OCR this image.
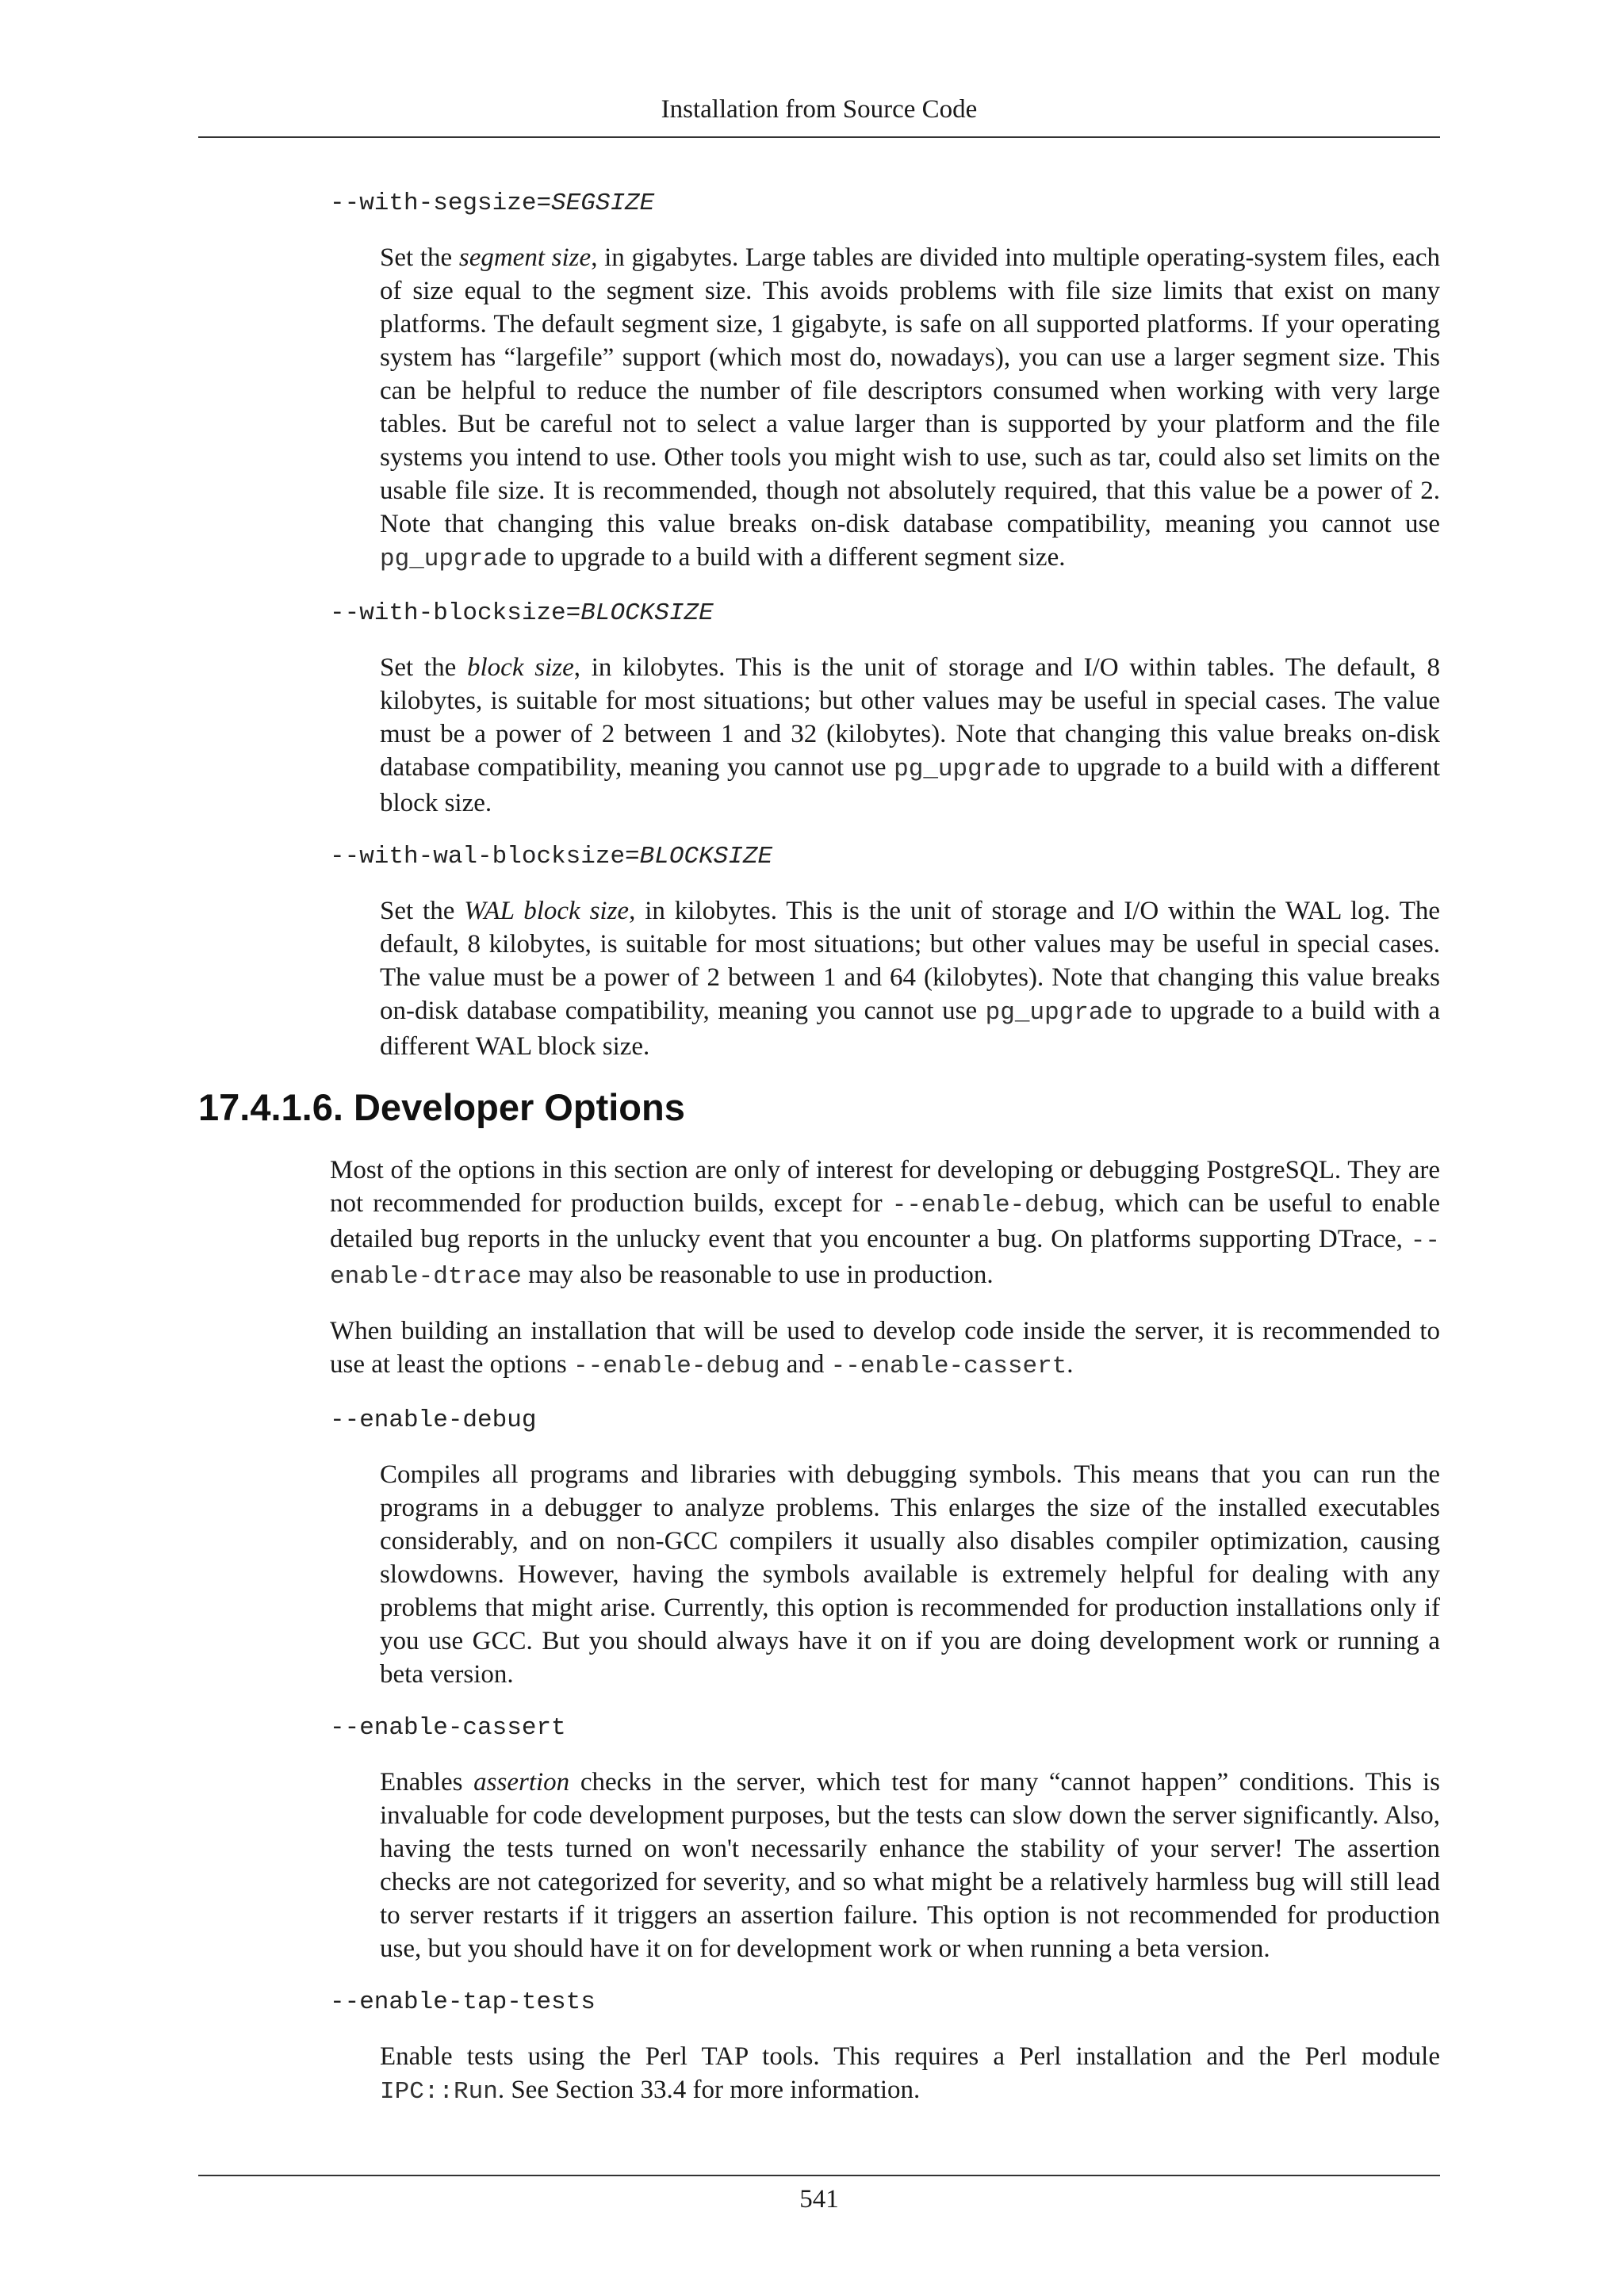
Installation from Source Code
--with-segsize=SEGSIZE
Set the segment size, in gigabytes. Large tables are divided into multiple operating-system files, each of size equal to the segment size. This avoids problems with file size limits that exist on many platforms. The default segment size, 1 gigabyte, is safe on all supported platforms. If your operating system has “largefile” support (which most do, nowadays), you can use a larger segment size. This can be helpful to reduce the number of file descriptors consumed when working with very large tables. But be careful not to select a value larger than is supported by your platform and the file systems you intend to use. Other tools you might wish to use, such as tar, could also set limits on the usable file size. It is recommended, though not absolutely required, that this value be a power of 2. Note that changing this value breaks on-disk database compatibility, meaning you cannot use pg_upgrade to upgrade to a build with a different segment size.
--with-blocksize=BLOCKSIZE
Set the block size, in kilobytes. This is the unit of storage and I/O within tables. The default, 8 kilobytes, is suitable for most situations; but other values may be useful in special cases. The value must be a power of 2 between 1 and 32 (kilobytes). Note that changing this value breaks on-disk database compatibility, meaning you cannot use pg_upgrade to upgrade to a build with a different block size.
--with-wal-blocksize=BLOCKSIZE
Set the WAL block size, in kilobytes. This is the unit of storage and I/O within the WAL log. The default, 8 kilobytes, is suitable for most situations; but other values may be useful in special cases. The value must be a power of 2 between 1 and 64 (kilobytes). Note that changing this value breaks on-disk database compatibility, meaning you cannot use pg_upgrade to upgrade to a build with a different WAL block size.
17.4.1.6. Developer Options
Most of the options in this section are only of interest for developing or debugging PostgreSQL. They are not recommended for production builds, except for --enable-debug, which can be useful to enable detailed bug reports in the unlucky event that you encounter a bug. On platforms supporting DTrace, --enable-dtrace may also be reasonable to use in production.
When building an installation that will be used to develop code inside the server, it is recommended to use at least the options --enable-debug and --enable-cassert.
--enable-debug
Compiles all programs and libraries with debugging symbols. This means that you can run the programs in a debugger to analyze problems. This enlarges the size of the installed executables considerably, and on non-GCC compilers it usually also disables compiler optimization, causing slowdowns. However, having the symbols available is extremely helpful for dealing with any problems that might arise. Currently, this option is recommended for production installations only if you use GCC. But you should always have it on if you are doing development work or running a beta version.
--enable-cassert
Enables assertion checks in the server, which test for many “cannot happen” conditions. This is invaluable for code development purposes, but the tests can slow down the server significantly. Also, having the tests turned on won't necessarily enhance the stability of your server! The assertion checks are not categorized for severity, and so what might be a relatively harmless bug will still lead to server restarts if it triggers an assertion failure. This option is not recommended for production use, but you should have it on for development work or when running a beta version.
--enable-tap-tests
Enable tests using the Perl TAP tools. This requires a Perl installation and the Perl module IPC::Run. See Section 33.4 for more information.
541
